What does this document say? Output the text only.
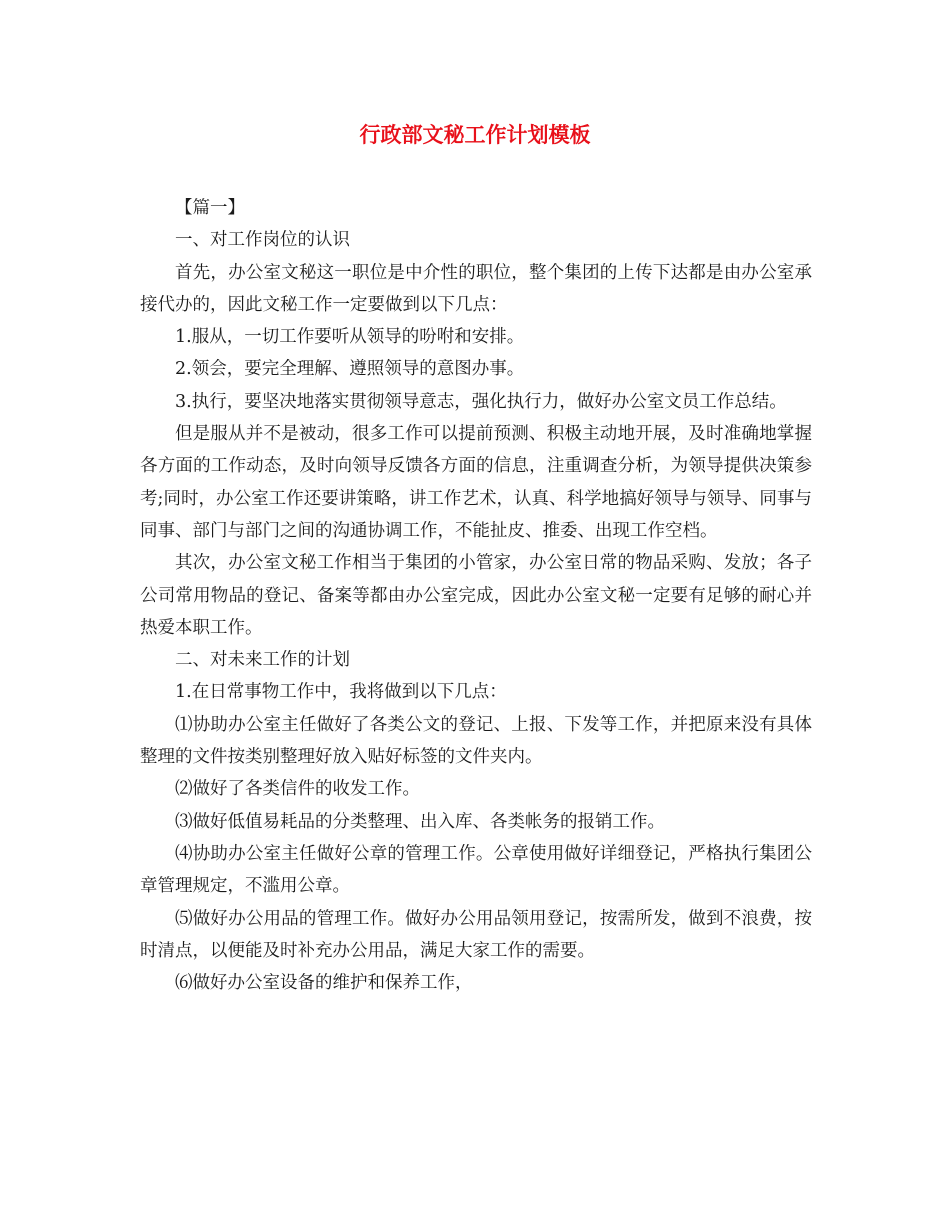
行政部文秘工作计划模板

【篇一】

一、对工作岗位的认识

首先，办公室文秘这一职位是中介性的职位，整个集团的上传下达都是由办公室承接代办的，因此文秘工作一定要做到以下几点：

1.服从，一切工作要听从领导的吩咐和安排。

2.领会，要完全理解、遵照领导的意图办事。

3.执行，要坚决地落实贯彻领导意志，强化执行力，做好办公室文员工作总结。

但是服从并不是被动，很多工作可以提前预测、积极主动地开展，及时准确地掌握各方面的工作动态，及时向领导反馈各方面的信息，注重调查分析，为领导提供决策参考;同时，办公室工作还要讲策略，讲工作艺术，认真、科学地搞好领导与领导、同事与同事、部门与部门之间的沟通协调工作，不能扯皮、推委、出现工作空档。

其次，办公室文秘工作相当于集团的小管家，办公室日常的物品采购、发放；各子公司常用物品的登记、备案等都由办公室完成，因此办公室文秘一定要有足够的耐心并热爱本职工作。

二、对未来工作的计划

1.在日常事物工作中，我将做到以下几点：

⑴协助办公室主任做好了各类公文的登记、上报、下发等工作，并把原来没有具体整理的文件按类别整理好放入贴好标签的文件夹内。

⑵做好了各类信件的收发工作。

⑶做好低值易耗品的分类整理、出入库、各类帐务的报销工作。

⑷协助办公室主任做好公章的管理工作。公章使用做好详细登记，严格执行集团公章管理规定，不滥用公章。

⑸做好办公用品的管理工作。做好办公用品领用登记，按需所发，做到不浪费，按时清点，以便能及时补充办公用品，满足大家工作的需要。

⑹做好办公室设备的维护和保养工作，
